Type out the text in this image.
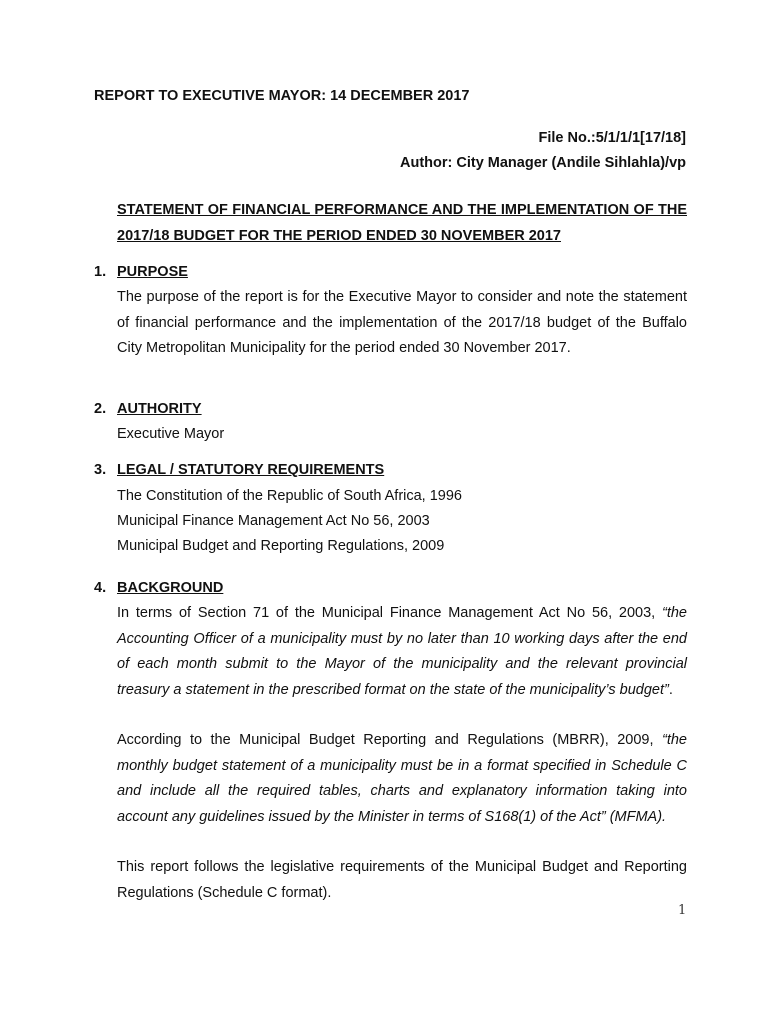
REPORT TO EXECUTIVE MAYOR: 14 DECEMBER 2017

File No.:5/1/1/1[17/18]

Author: City Manager (Andile Sihlahla)/vp

STATEMENT OF FINANCIAL PERFORMANCE AND THE IMPLEMENTATION OF THE 2017/18 BUDGET FOR THE PERIOD ENDED 30 NOVEMBER 2017

1. PURPOSE

The purpose of the report is for the Executive Mayor to consider and note the statement of financial performance and the implementation of the 2017/18 budget of the Buffalo City Metropolitan Municipality for the period ended 30 November 2017.

2. AUTHORITY

Executive Mayor

3. LEGAL / STATUTORY REQUIREMENTS

The Constitution of the Republic of South Africa, 1996

Municipal Finance Management Act No 56, 2003

Municipal Budget and Reporting Regulations, 2009

4. BACKGROUND

In terms of Section 71 of the Municipal Finance Management Act No 56, 2003, “the Accounting Officer of a municipality must by no later than 10 working days after the end of each month submit to the Mayor of the municipality and the relevant provincial treasury a statement in the prescribed format on the state of the municipality’s budget”.

According to the Municipal Budget Reporting and Regulations (MBRR), 2009, “the monthly budget statement of a municipality must be in a format specified in Schedule C and include all the required tables, charts and explanatory information taking into account any guidelines issued by the Minister in terms of S168(1) of the Act” (MFMA).

This report follows the legislative requirements of the Municipal Budget and Reporting Regulations (Schedule C format).

1
